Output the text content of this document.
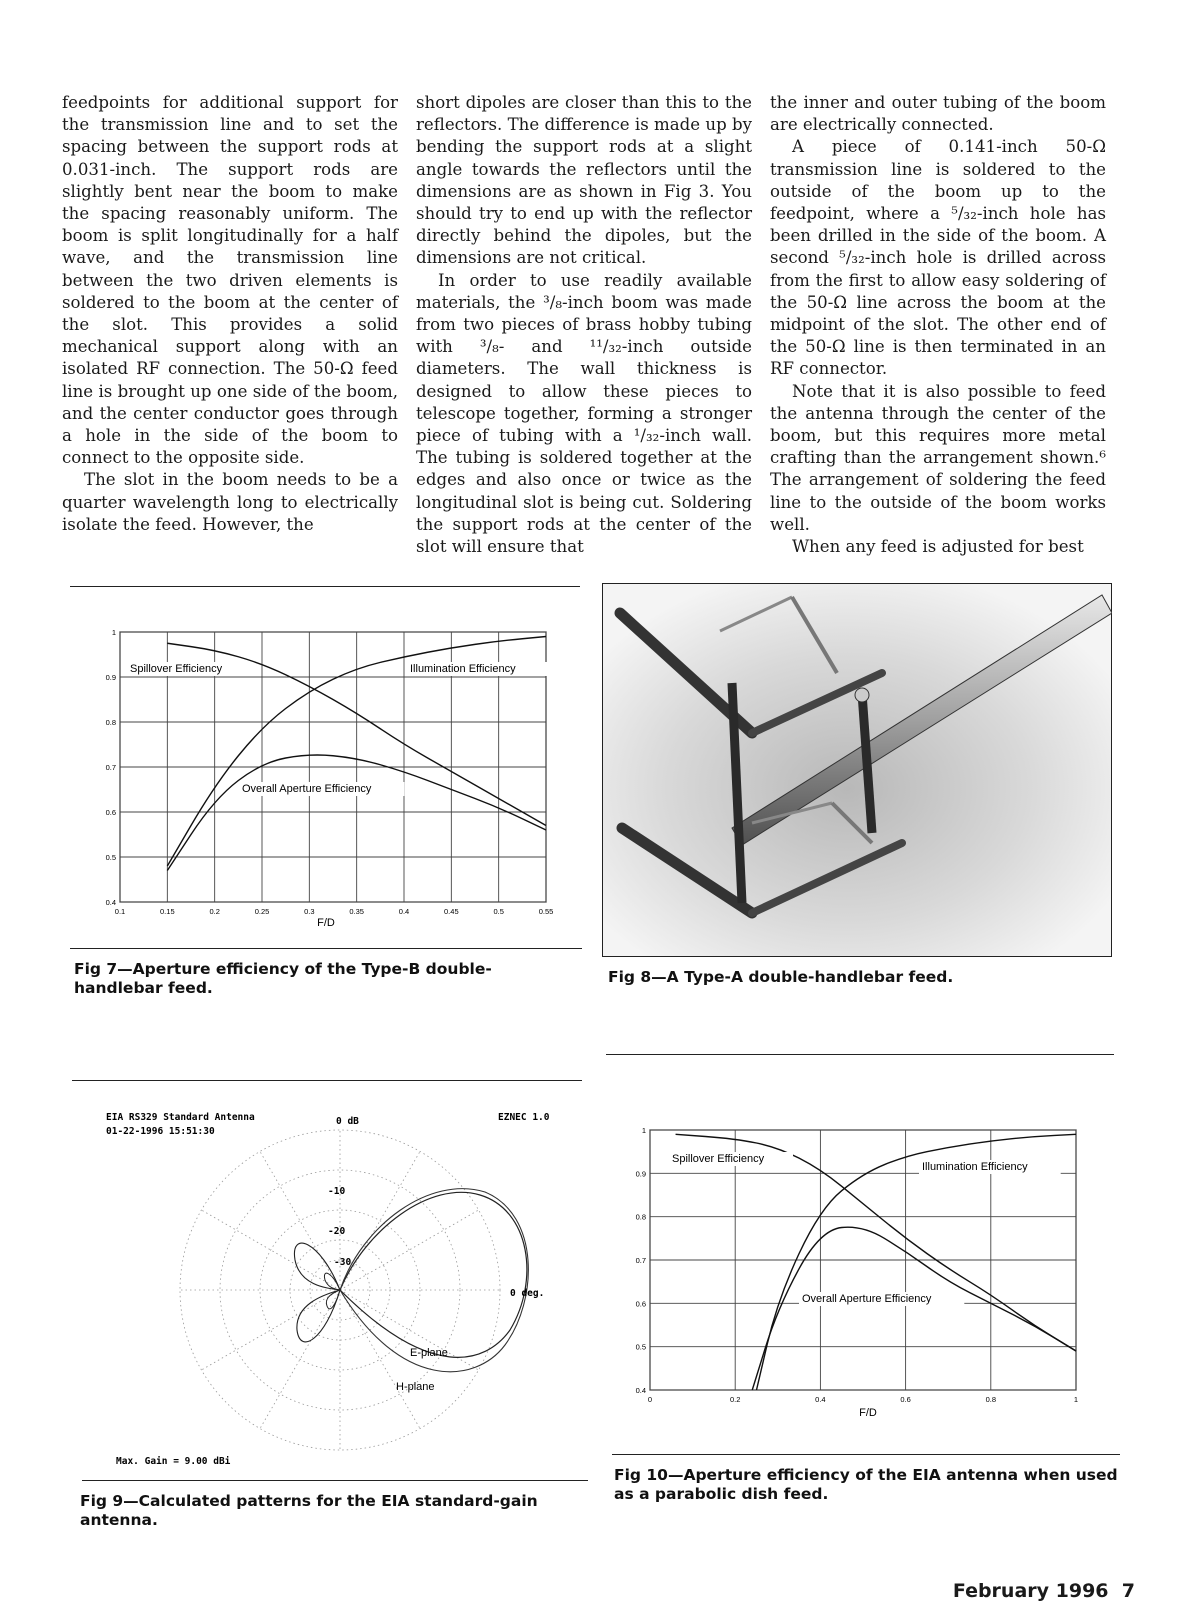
feedpoints for additional support for the transmission line and to set the spacing between the support rods at 0.031-inch. The support rods are slightly bent near the boom to make the spacing reasonably uniform. The boom is split longitudinally for a half wave, and the transmission line between the two driven elements is soldered to the boom at the center of the slot. This provides a solid mechanical support along with an isolated RF connection. The 50-Ω feed line is brought up one side of the boom, and the center conductor goes through a hole in the side of the boom to connect to the opposite side.

The slot in the boom needs to be a quarter wavelength long to electrically isolate the feed. However, the

short dipoles are closer than this to the reflectors. The difference is made up by bending the support rods at a slight angle towards the reflectors until the dimensions are as shown in Fig 3. You should try to end up with the reflector directly behind the dipoles, but the dimensions are not critical.

In order to use readily available materials, the ³/₈-inch boom was made from two pieces of brass hobby tubing with ³/₈- and ¹¹/₃₂-inch outside diameters. The wall thickness is designed to allow these pieces to telescope together, forming a stronger piece of tubing with a ¹/₃₂-inch wall. The tubing is soldered together at the edges and also once or twice as the longitudinal slot is being cut. Soldering the support rods at the center of the slot will ensure that

the inner and outer tubing of the boom are electrically connected.

A piece of 0.141-inch 50-Ω transmission line is soldered to the outside of the boom up to the feedpoint, where a ⁵/₃₂-inch hole has been drilled in the side of the boom. A second ⁵/₃₂-inch hole is drilled across from the first to allow easy soldering of the 50-Ω line across the boom at the midpoint of the slot. The other end of the 50-Ω line is then terminated in an RF connector.

Note that it is also possible to feed the antenna through the center of the boom, but this requires more metal crafting than the arrangement shown.⁶ The arrangement of soldering the feed line to the outside of the boom works well.

When any feed is adjusted for best

0.1	0.15	0.2	0.25	0.3	0.35	0.4	0.45	0.5	0.55
0.4
0.5
0.6
0.7
0.8
0.9
1
Spillover Efficiency	Illumination Efficiency
Overall Aperture Efficiency
F/D
Fig 7—Aperture efficiency of the Type-B double-handlebar feed.
Fig 8—A Type-A double-handlebar feed.
EIA RS329 Standard Antenna
01-22-1996 15:51:30
0 dB	EZNEC 1.0
-10
-20
-30
0 deg.
E-plane
H-plane
Max. Gain = 9.00 dBi
Fig 9—Calculated patterns for the EIA standard-gain antenna.
0	0.2	0.4	0.6	0.8	1
0.4
0.5
0.6
0.7
0.8
0.9
1
Spillover Efficiency
Illumination Efficiency
Overall Aperture Efficiency
F/D
Fig 10—Aperture efficiency of the EIA antenna when used as a parabolic dish feed.
February 1996 7
